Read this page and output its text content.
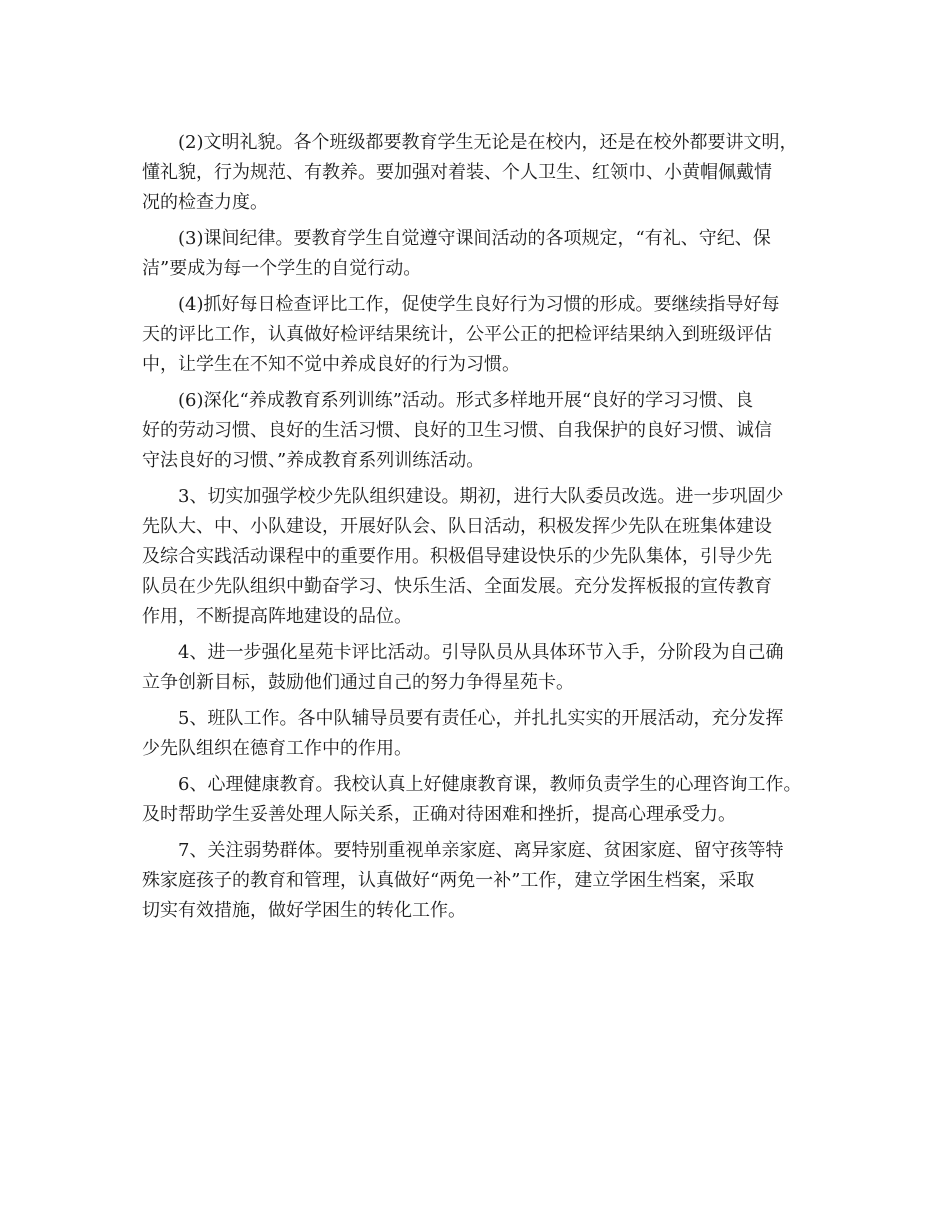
(2)文明礼貌。各个班级都要教育学生无论是在校内，还是在校外都要讲文明，
懂礼貌，行为规范、有教养。要加强对着装、个人卫生、红领巾、小黄帽佩戴情
况的检查力度。
(3)课间纪律。要教育学生自觉遵守课间活动的各项规定，“有礼、守纪、保
洁”要成为每一个学生的自觉行动。
(4)抓好每日检查评比工作，促使学生良好行为习惯的形成。要继续指导好每
天的评比工作，认真做好检评结果统计，公平公正的把检评结果纳入到班级评估
中，让学生在不知不觉中养成良好的行为习惯。
(6)深化“养成教育系列训练”活动。形式多样地开展“良好的学习习惯、良
好的劳动习惯、良好的生活习惯、良好的卫生习惯、自我保护的良好习惯、诚信
守法良好的习惯、”养成教育系列训练活动。
3、切实加强学校少先队组织建设。期初，进行大队委员改选。进一步巩固少
先队大、中、小队建设，开展好队会、队日活动，积极发挥少先队在班集体建设
及综合实践活动课程中的重要作用。积极倡导建设快乐的少先队集体，引导少先
队员在少先队组织中勤奋学习、快乐生活、全面发展。充分发挥板报的宣传教育
作用，不断提高阵地建设的品位。
4、进一步强化星苑卡评比活动。引导队员从具体环节入手，分阶段为自己确
立争创新目标，鼓励他们通过自己的努力争得星苑卡。
5、班队工作。各中队辅导员要有责任心，并扎扎实实的开展活动，充分发挥
少先队组织在德育工作中的作用。
6、心理健康教育。我校认真上好健康教育课，教师负责学生的心理咨询工作。
及时帮助学生妥善处理人际关系，正确对待困难和挫折，提高心理承受力。
7、关注弱势群体。要特别重视单亲家庭、离异家庭、贫困家庭、留守孩等特
殊家庭孩子的教育和管理，认真做好“两免一补”工作，建立学困生档案，采取
切实有效措施，做好学困生的转化工作。
